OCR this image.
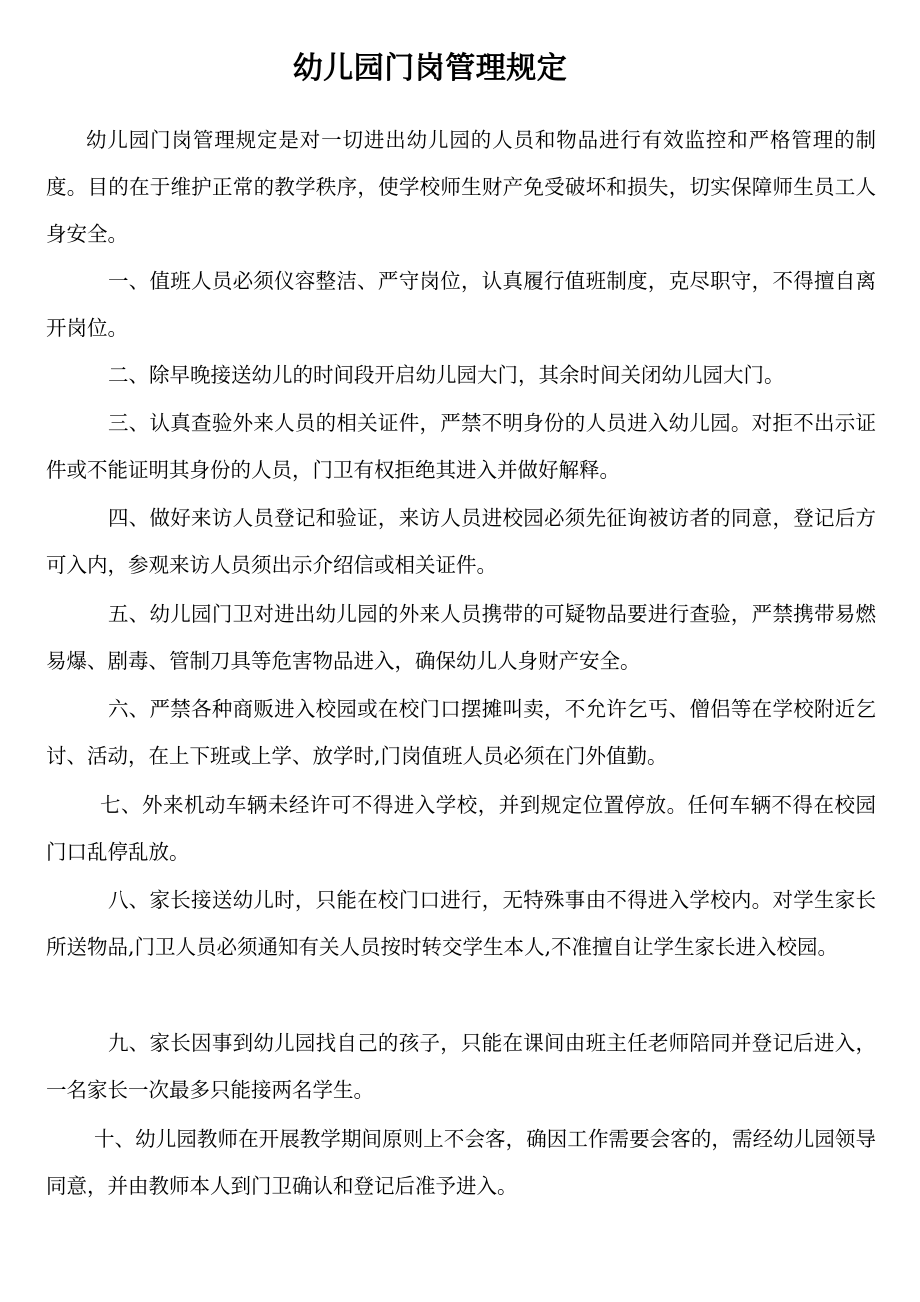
幼儿园门岗管理规定

幼儿园门岗管理规定是对一切进出幼儿园的人员和物品进行有效监控和严格管理的制度。目的在于维护正常的教学秩序，使学校师生财产免受破坏和损失，切实保障师生员工人身安全。

一、值班人员必须仪容整洁、严守岗位，认真履行值班制度，克尽职守，不得擅自离开岗位。

二、除早晚接送幼儿的时间段开启幼儿园大门，其余时间关闭幼儿园大门。

三、认真查验外来人员的相关证件，严禁不明身份的人员进入幼儿园。对拒不出示证件或不能证明其身份的人员，门卫有权拒绝其进入并做好解释。

四、做好来访人员登记和验证，来访人员进校园必须先征询被访者的同意，登记后方可入内，参观来访人员须出示介绍信或相关证件。

五、幼儿园门卫对进出幼儿园的外来人员携带的可疑物品要进行查验，严禁携带易燃易爆、剧毒、管制刀具等危害物品进入，确保幼儿人身财产安全。

六、严禁各种商贩进入校园或在校门口摆摊叫卖，不允许乞丐、僧侣等在学校附近乞讨、活动，在上下班或上学、放学时,门岗值班人员必须在门外值勤。

七、外来机动车辆未经许可不得进入学校，并到规定位置停放。任何车辆不得在校园门口乱停乱放。

八、家长接送幼儿时，只能在校门口进行，无特殊事由不得进入学校内。对学生家长所送物品,门卫人员必须通知有关人员按时转交学生本人,不准擅自让学生家长进入校园。

九、家长因事到幼儿园找自己的孩子，只能在课间由班主任老师陪同并登记后进入，一名家长一次最多只能接两名学生。

十、幼儿园教师在开展教学期间原则上不会客，确因工作需要会客的，需经幼儿园领导同意，并由教师本人到门卫确认和登记后准予进入。
